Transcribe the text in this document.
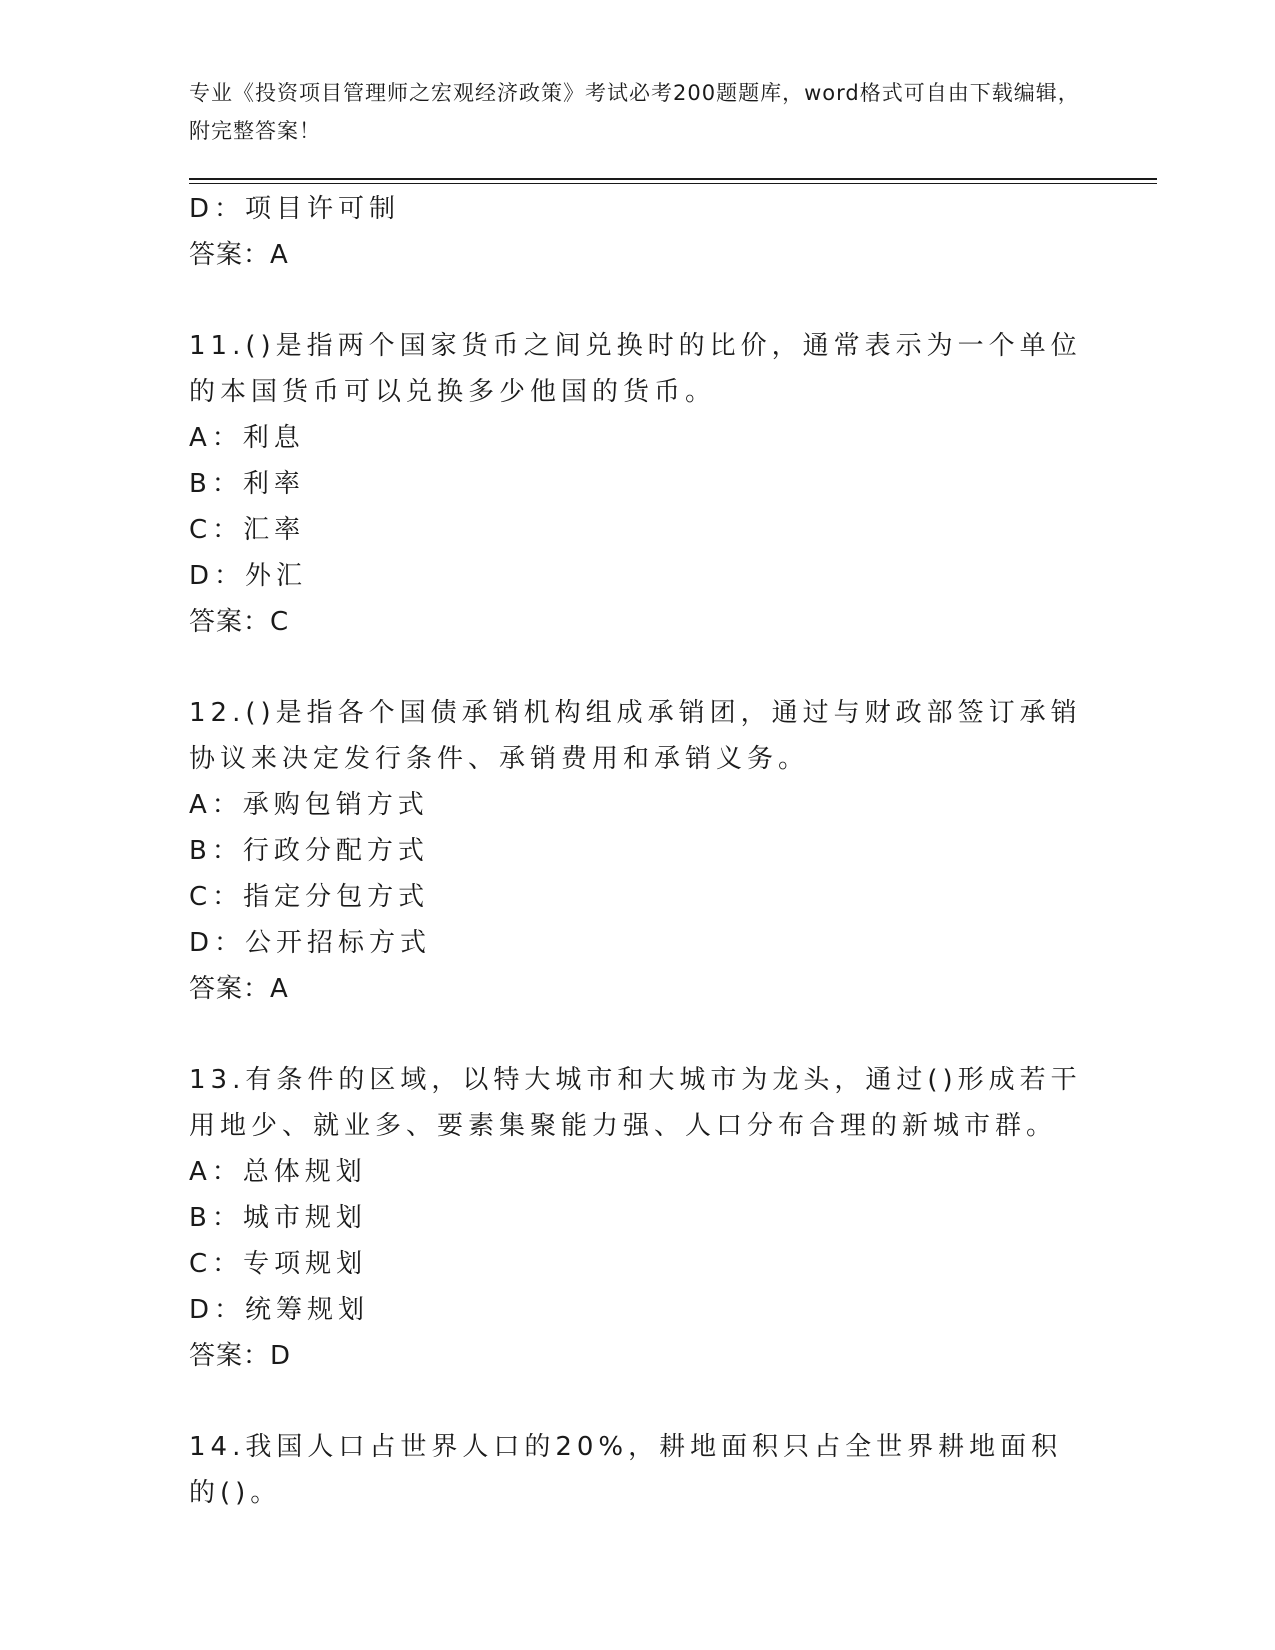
专业《投资项目管理师之宏观经济政策》考试必考200题题库，word格式可自由下载编辑，附完整答案！
D：项目许可制
答案：A
11.()是指两个国家货币之间兑换时的比价，通常表示为一个单位的本国货币可以兑换多少他国的货币。
A：利息
B：利率
C：汇率
D：外汇
答案：C
12.()是指各个国债承销机构组成承销团，通过与财政部签订承销协议来决定发行条件、承销费用和承销义务。
A：承购包销方式
B：行政分配方式
C：指定分包方式
D：公开招标方式
答案：A
13.有条件的区域，以特大城市和大城市为龙头，通过()形成若干用地少、就业多、要素集聚能力强、人口分布合理的新城市群。
A：总体规划
B：城市规划
C：专项规划
D：统筹规划
答案：D
14.我国人口占世界人口的20%，耕地面积只占全世界耕地面积的()。
